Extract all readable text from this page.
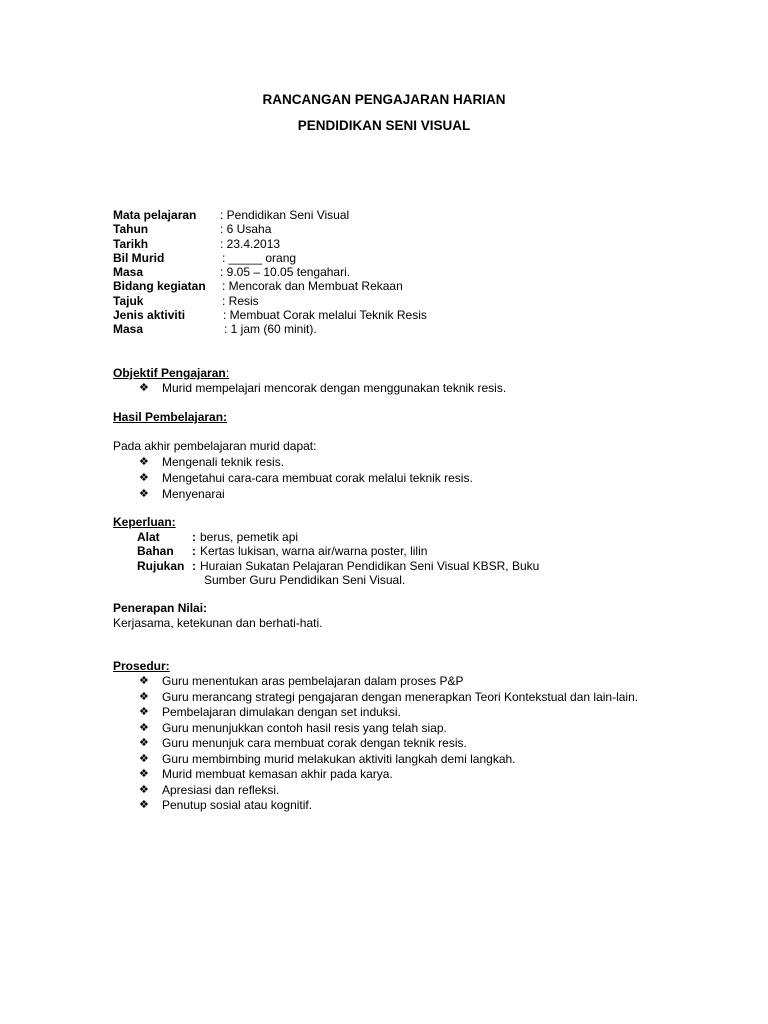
RANCANGAN PENGAJARAN HARIAN
PENDIDIKAN SENI VISUAL
Mata pelajaran : Pendidikan Seni Visual
Tahun	: 6 Usaha
Tarikh	: 23.4.2013
Bil Murid	: _____ orang
Masa	: 9.05 – 10.05 tengahari.
Bidang kegiatan : Mencorak dan Membuat Rekaan
Tajuk	: Resis
Jenis aktiviti	: Membuat Corak melalui Teknik Resis
Masa	: 1 jam (60 minit).
Objektif Pengajaran:
❖ Murid mempelajari mencorak dengan menggunakan teknik resis.
Hasil Pembelajaran:
Pada akhir pembelajaran murid dapat:
❖ Mengenali teknik resis.
❖ Mengetahui cara-cara membuat corak melalui teknik resis.
❖ Menyenarai
Keperluan:
Alat	: berus, pemetik api
Bahan : Kertas lukisan, warna air/warna poster, lilin
Rujukan : Huraian Sukatan Pelajaran Pendidikan Seni Visual KBSR, Buku
Sumber Guru Pendidikan Seni Visual.
Penerapan Nilai:
Kerjasama, ketekunan dan berhati-hati.
Prosedur:
❖ Guru menentukan aras pembelajaran dalam proses P&P
❖ Guru merancang strategi pengajaran dengan menerapkan Teori Kontekstual dan lain-lain.
❖ Pembelajaran dimulakan dengan set induksi.
❖ Guru menunjukkan contoh hasil resis yang telah siap.
❖ Guru menunjuk cara membuat corak dengan teknik resis.
❖ Guru membimbing murid melakukan aktiviti langkah demi langkah.
❖ Murid membuat kemasan akhir pada karya.
❖ Apresiasi dan refleksi.
❖ Penutup sosial atau kognitif.
